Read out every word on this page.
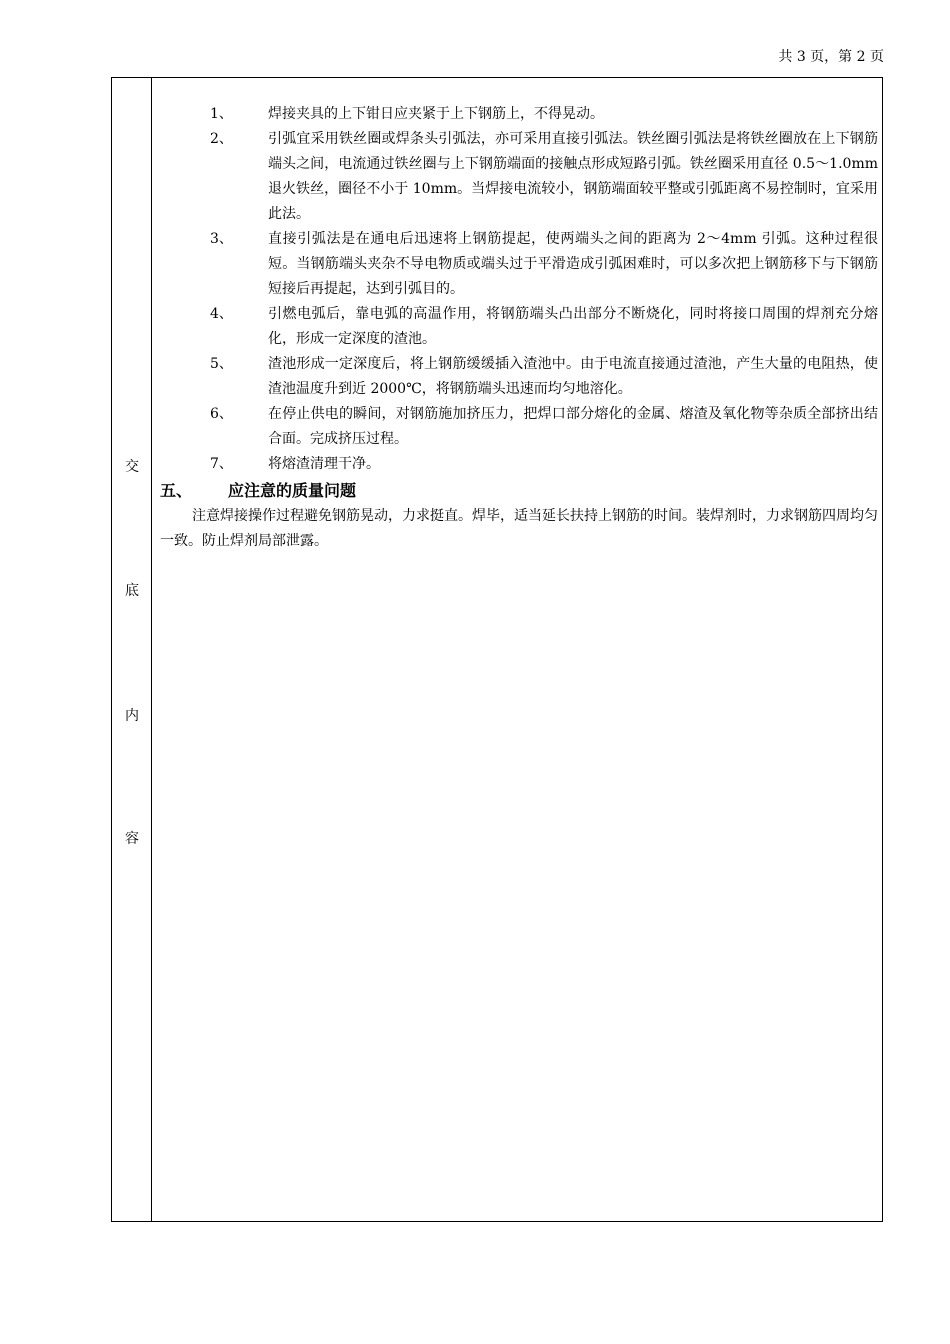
共 3 页，第 2 页
交
底
内
容
1、	焊接夹具的上下钳日应夹紧于上下钢筋上，不得晃动。
2、	引弧宜采用铁丝圈或焊条头引弧法，亦可采用直接引弧法。铁丝圈引弧法是将铁丝圈放在上下钢筋端头之间，电流通过铁丝圈与上下钢筋端面的接触点形成短路引弧。铁丝圈采用直径 0.5～1.0mm 退火铁丝，圈径不小于 10mm。当焊接电流较小，钢筋端面较平整或引弧距离不易控制时，宜采用此法。
3、	直接引弧法是在通电后迅速将上钢筋提起，使两端头之间的距离为 2～4mm 引弧。这种过程很短。当钢筋端头夹杂不导电物质或端头过于平滑造成引弧困难时，可以多次把上钢筋移下与下钢筋短接后再提起，达到引弧目的。
4、	引燃电弧后，靠电弧的高温作用，将钢筋端头凸出部分不断烧化，同时将接口周围的焊剂充分熔化，形成一定深度的渣池。
5、	渣池形成一定深度后，将上钢筋缓缓插入渣池中。由于电流直接通过渣池，产生大量的电阻热，使渣池温度升到近 2000℃，将钢筋端头迅速而均匀地溶化。
6、	在停止供电的瞬间，对钢筋施加挤压力，把焊口部分熔化的金属、熔渣及氧化物等杂质全部挤出结合面。完成挤压过程。
7、	将熔渣清理干净。
五、 应注意的质量问题

注意焊接操作过程避免钢筋晃动，力求挺直。焊毕，适当延长扶持上钢筋的时间。装焊剂时，力求钢筋四周均匀一致。防止焊剂局部泄露。
